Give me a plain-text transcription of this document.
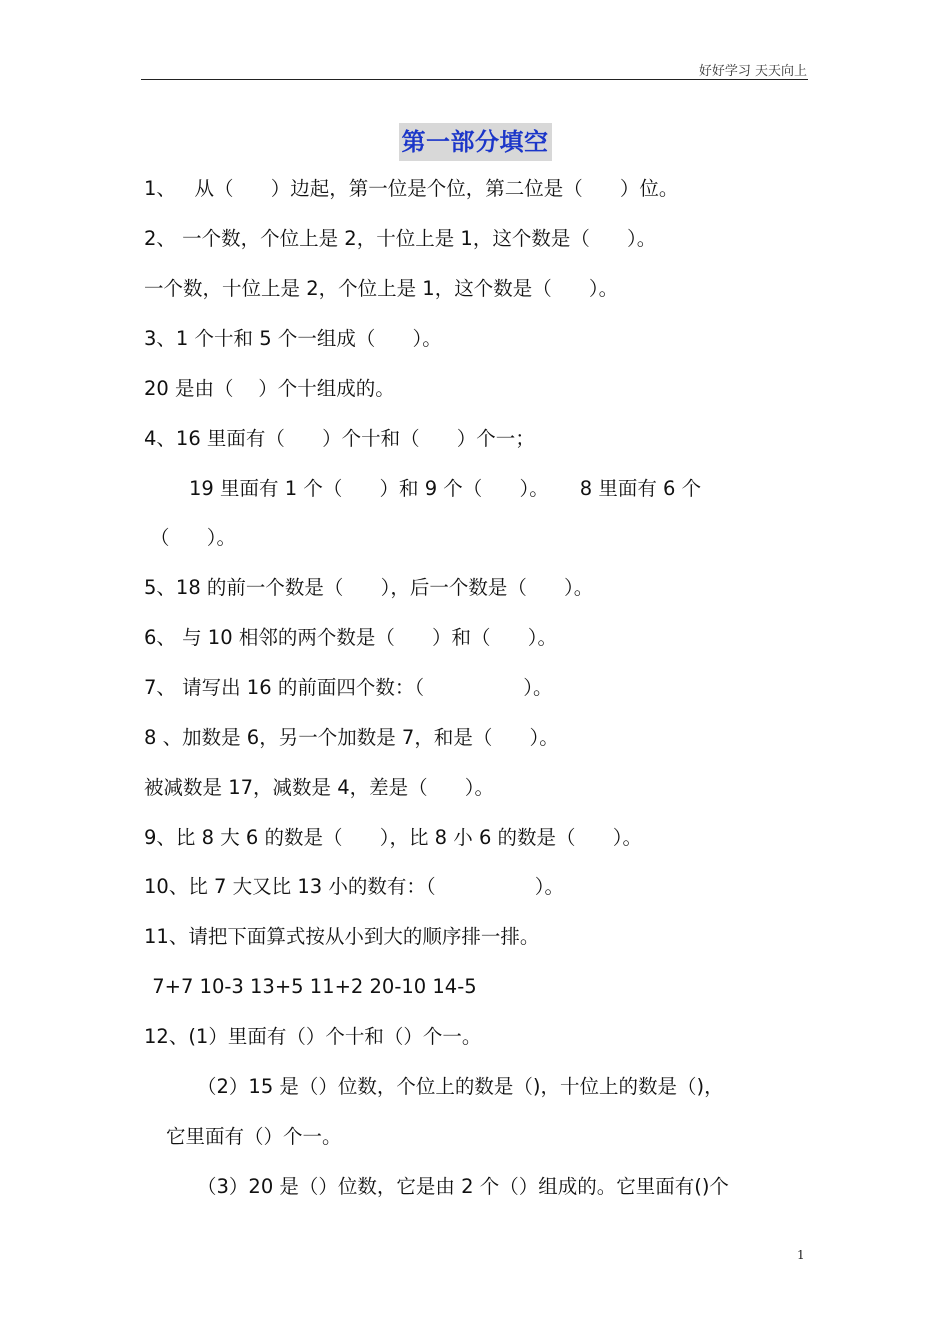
好好学习 天天向上
第一部分填空
1、   从（      ）边起，第一位是个位，第二位是（      ）位。
2、 一个数，个位上是 2，十位上是 1，这个数是（      ）。
一个数，十位上是 2，个位上是 1，这个数是（      ）。
3、1 个十和 5 个一组成（      ）。
20 是由（    ）个十组成的。
4、16 里面有（      ）个十和（      ）个一；
19 里面有 1 个（      ）和 9 个（      ）。     8 里面有 6 个
（      ）。
5、18 的前一个数是（      ），后一个数是（      ）。
6、 与 10 相邻的两个数是（      ）和（      ）。
7、 请写出 16 的前面四个数：（                ）。
8 、加数是 6，另一个加数是 7，和是（      ）。
被减数是 17，减数是 4，差是（      ）。
9、比 8 大 6 的数是（      ），比 8 小 6 的数是（      ）。
10、比 7 大又比 13 小的数有：（                ）。
11、请把下面算式按从小到大的顺序排一排。
7+7 10-3 13+5 11+2 20-10 14-5
12、(1）里面有（）个十和（）个一。
（2）15 是（）位数，个位上的数是（)，十位上的数是（)，
它里面有（）个一。
（3）20 是（）位数，它是由 2 个（）组成的。它里面有()个
1
